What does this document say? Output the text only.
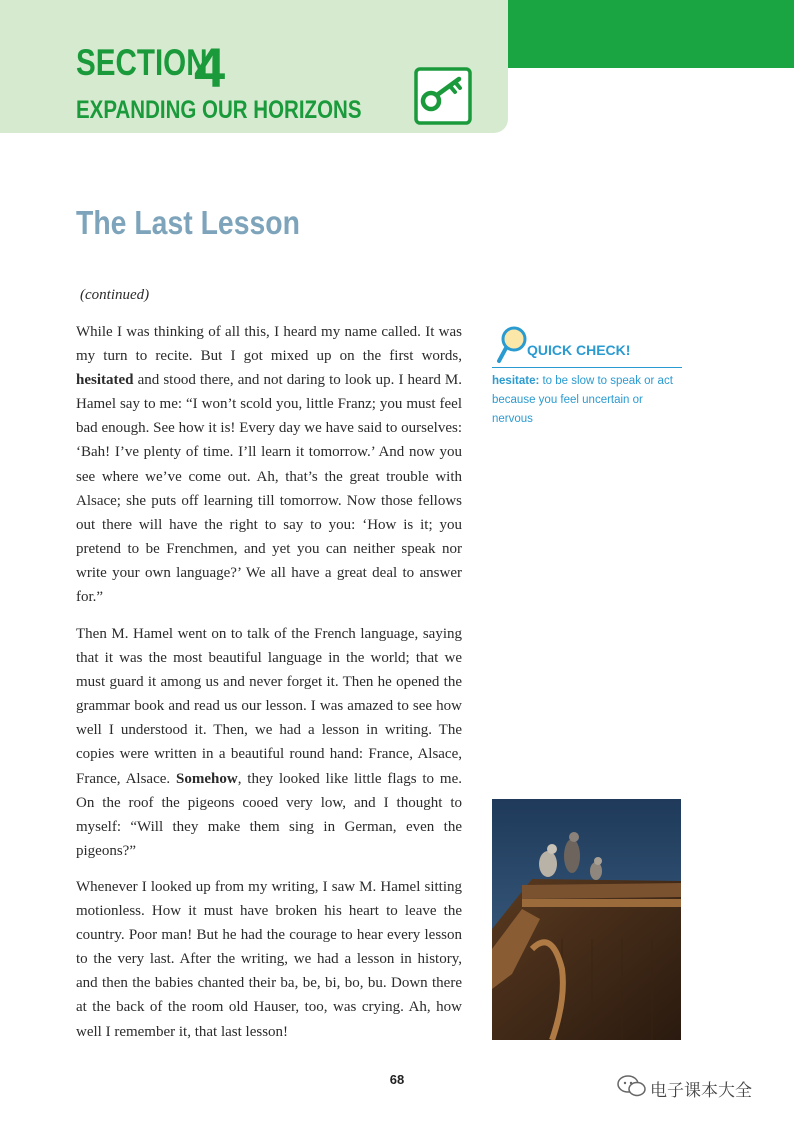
SECTION
4
EXPANDING OUR HORIZONS
The Last Lesson
(continued)

While I was thinking of all this, I heard my name called. It was my turn to recite. But I got mixed up on the first words, hesitated and stood there, and not daring to look up. I heard M. Hamel say to me: “I won’t scold you, little Franz; you must feel bad enough. See how it is! Every day we have said to ourselves: ‘Bah! I’ve plenty of time. I’ll learn it tomorrow.’ And now you see where we’ve come out. Ah, that’s the great trouble with Alsace; she puts off learning till tomorrow. Now those fellows out there will have the right to say to you: ‘How is it; you pretend to be Frenchmen, and yet you can neither speak nor write your own language?’ We all have a great deal to answer for.”

Then M. Hamel went on to talk of the French language, saying that it was the most beautiful language in the world; that we must guard it among us and never forget it. Then he opened the grammar book and read us our lesson. I was amazed to see how well I understood it. Then, we had a lesson in writing. The copies were written in a beautiful round hand: France, Alsace, France, Alsace. Somehow, they looked like little flags to me. On the roof the pigeons cooed very low, and I thought to myself: “Will they make them sing in German, even the pigeons?”

Whenever I looked up from my writing, I saw M. Hamel sitting motionless. How it must have broken his heart to leave the country. Poor man! But he had the courage to hear every lesson to the very last. After the writing, we had a lesson in history, and then the babies chanted their ba, be, bi, bo, bu. Down there at the back of the room old Hauser, too, was crying. Ah, how well I remember it, that last lesson!

QUICK CHECK!

hesitate: to be slow to speak or act because you feel uncertain or nervous

68
电子课本大全
